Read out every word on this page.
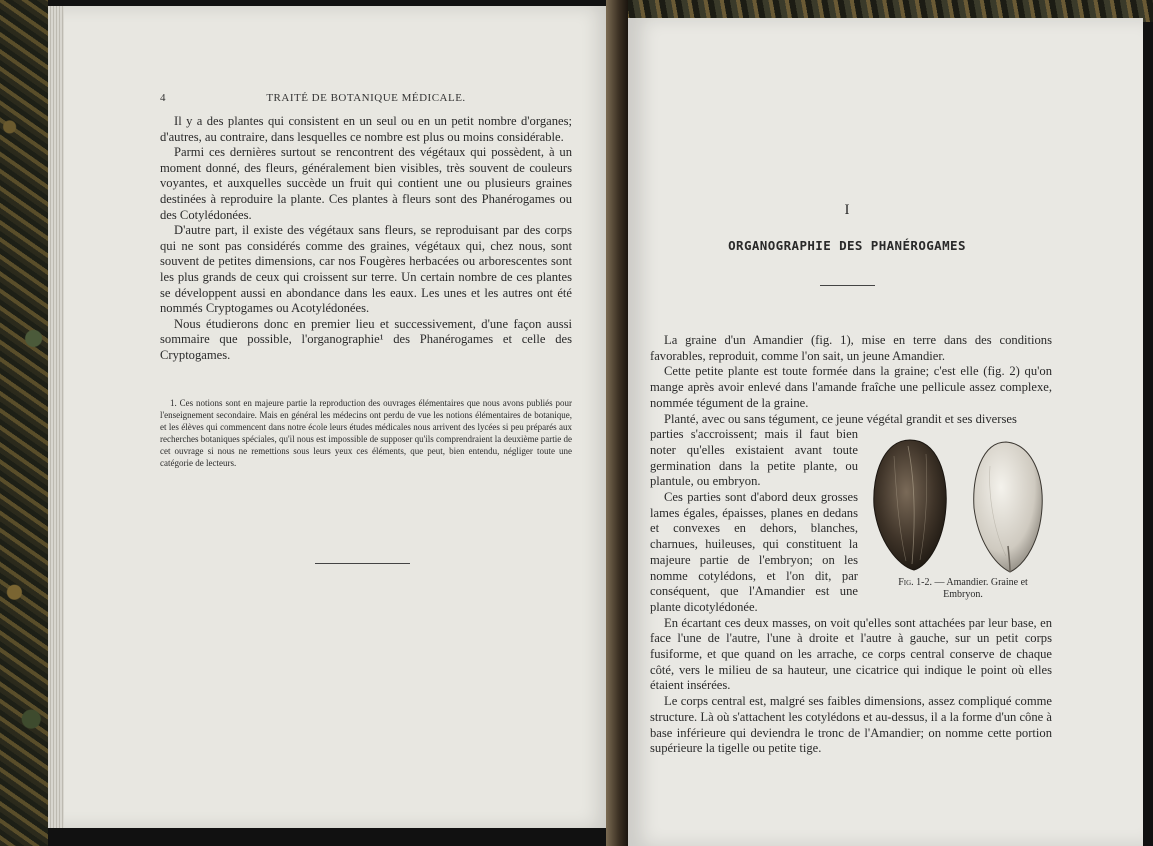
4	TRAITÉ DE BOTANIQUE MÉDICALE.

Il y a des plantes qui consistent en un seul ou en un petit nombre d'organes; d'autres, au contraire, dans lesquelles ce nombre est plus ou moins considérable.

Parmi ces dernières surtout se rencontrent des végétaux qui possèdent, à un moment donné, des fleurs, généralement bien visibles, très souvent de couleurs voyantes, et auxquelles succède un fruit qui contient une ou plusieurs graines destinées à reproduire la plante. Ces plantes à fleurs sont des Phanérogames ou des Cotylédonées.

D'autre part, il existe des végétaux sans fleurs, se reproduisant par des corps qui ne sont pas considérés comme des graines, végétaux qui, chez nous, sont souvent de petites dimensions, car nos Fougères herbacées ou arborescentes sont les plus grands de ceux qui croissent sur terre. Un certain nombre de ces plantes se développent aussi en abondance dans les eaux. Les unes et les autres ont été nommés Cryptogames ou Acotylédonées.

Nous étudierons donc en premier lieu et successivement, d'une façon aussi sommaire que possible, l'organographie¹ des Phanérogames et celle des Cryptogames.

1. Ces notions sont en majeure partie la reproduction des ouvrages élémentaires que nous avons publiés pour l'enseignement secondaire. Mais en général les médecins ont perdu de vue les notions élémentaires de botanique, et les élèves qui commencent dans notre école leurs études médicales nous arrivent des lycées si peu préparés aux recherches botaniques spéciales, qu'il nous est impossible de supposer qu'ils comprendraient la deuxième partie de cet ouvrage si nous ne remettions sous leurs yeux ces éléments, que peut, bien entendu, négliger toute une catégorie de lecteurs.
I
ORGANOGRAPHIE DES PHANÉROGAMES

La graine d'un Amandier (fig. 1), mise en terre dans des conditions favorables, reproduit, comme l'on sait, un jeune Amandier.

Cette petite plante est toute formée dans la graine; c'est elle (fig. 2) qu'on mange après avoir enlevé dans l'amande fraîche une pellicule assez complexe, nommée tégument de la graine.

Planté, avec ou sans tégument, ce jeune végétal grandit et ses diverses

parties s'accroissent; mais il faut bien noter qu'elles existaient avant toute germination dans la petite plante, ou plantule, ou embryon.

Ces parties sont d'abord deux grosses lames égales, épaisses, planes en dedans et convexes en dehors, blanches, charnues, huileuses, qui constituent la majeure partie de l'embryon; on les nomme cotylédons, et l'on dit, par conséquent, que l'Amandier est une plante dicotylédonée.

En écartant ces deux masses, on voit qu'elles sont attachées par leur base, en face l'une de l'autre, l'une à droite et l'autre à gauche, sur un petit corps fusiforme, et que quand on les arrache, ce corps central conserve de chaque côté, vers le milieu de sa hauteur, une cicatrice qui indique le point où elles étaient insérées.

Le corps central est, malgré ses faibles dimensions, assez compliqué comme structure. Là où s'attachent les cotylédons et au-dessus, il a la forme d'un cône à base inférieure qui deviendra le tronc de l'Amandier; on nomme cette portion supérieure la tigelle ou petite tige.

Fig. 1-2. — Amandier. Graine et Embryon.
